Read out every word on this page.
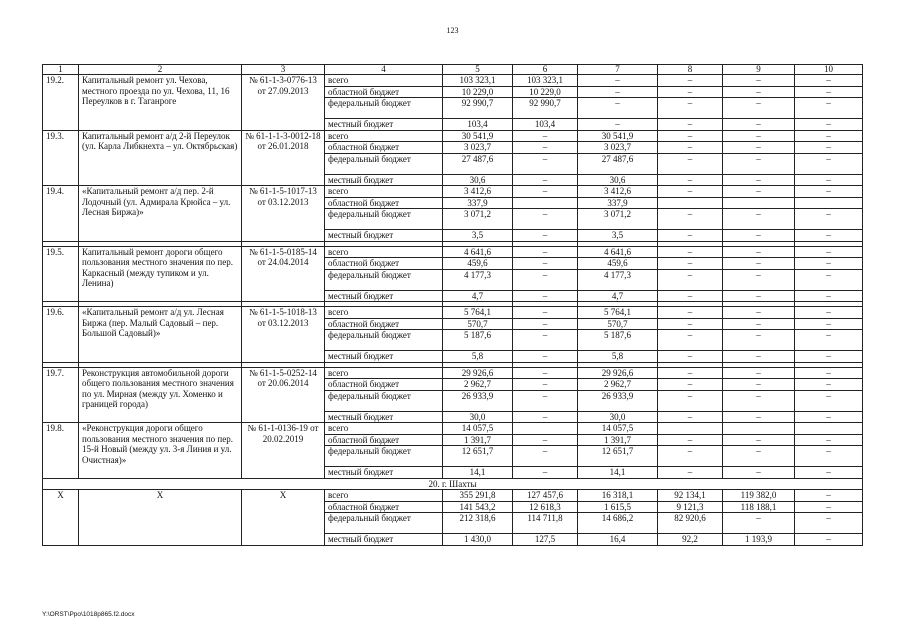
123
1	2	3	4	5	6	7	8	9	10
19.2.	Капитальный ремонт ул. Чехова, местного проезда по ул. Чехова, 11, 16 Переулков в г. Таганроге	№ 61-1-3-0776-13 от 27.09.2013	всего	103 323,1	103 323,1	–	–	–	–
			областной бюджет	10 229,0	10 229,0	–	–	–	–
			федеральный бюджет	92 990,7	92 990,7	–	–	–	–
			местный бюджет	103,4	103,4	–	–	–	–
19.3.	Капитальный ремонт а/д 2-й Переулок (ул. Карла Либкнехта – ул. Октябрьская)	№ 61-1-1-3-0012-18 от 26.01.2018	всего	30 541,9	–	30 541,9	–	–	–
			областной бюджет	3 023,7	–	3 023,7	–	–	–
			федеральный бюджет	27 487,6	–	27 487,6	–	–	–
			местный бюджет	30,6	–	30,6	–	–	–
19.4.	«Капитальный ремонт а/д пер. 2-й Лодочный (ул. Адмирала Крюйса – ул. Лесная Биржа)»	№ 61-1-5-1017-13 от 03.12.2013	всего	3 412,6	–	3 412,6	–	–	–
			областной бюджет	337,9		337,9			
			федеральный бюджет	3 071,2	–	3 071,2	–	–	–
			местный бюджет	3,5	–	3,5	–	–	–

19.5.	Капитальный ремонт дороги общего пользования местного значения по пер. Каркасный (между тупиком и ул. Ленина)	№ 61-1-5-0185-14 от 24.04.2014	всего	4 641,6	–	4 641,6	–	–	–
			областной бюджет	459,6	–	459,6	–	–	–
			федеральный бюджет	4 177,3	–	4 177,3	–	–	–
			местный бюджет	4,7	–	4,7	–	–	–

19.6.	«Капитальный ремонт а/д ул. Лесная Биржа (пер. Малый Садовый – пер. Большой Садовый)»	№ 61-1-5-1018-13 от 03.12.2013	всего	5 764,1	–	5 764,1	–	–	–
			областной бюджет	570,7	–	570,7	–	–	–
			федеральный бюджет	5 187,6	–	5 187,6	–	–	–
			местный бюджет	5,8	–	5,8	–	–	–

19.7.	Реконструкция автомобильной дороги общего пользования местного значения по ул. Мирная (между ул. Хоменко и границей города)	№ 61-1-5-0252-14 от 20.06.2014	всего	29 926,6	–	29 926,6	–	–	–
			областной бюджет	2 962,7	–	2 962,7	–	–	–
			федеральный бюджет	26 933,9	–	26 933,9	–	–	–
			местный бюджет	30,0	–	30,0	–	–	–
19.8.	«Реконструкция дороги общего пользования местного значения по пер. 15-й Новый (между ул. 3-я Линия и ул. Очистная)»	№ 61-1-0136-19 от 20.02.2019	всего	14 057,5		14 057,5			
			областной бюджет	1 391,7	–	1 391,7	–	–	–
			федеральный бюджет	12 651,7	–	12 651,7	–	–	–
			местный бюджет	14,1	–	14,1	–	–	–
20. г. Шахты									
Х	Х	Х	всего	355 291,8	127 457,6	16 318,1	92 134,1	119 382,0	–
			областной бюджет	141 543,2	12 618,3	1 615,5	9 121,3	118 188,1	–
			федеральный бюджет	212 318,6	114 711,8	14 686,2	82 920,6	–	–
			местный бюджет	1 430,0	127,5	16,4	92,2	1 193,9	–
Y:\ORST\Ppo\1018p865.f2.docx
